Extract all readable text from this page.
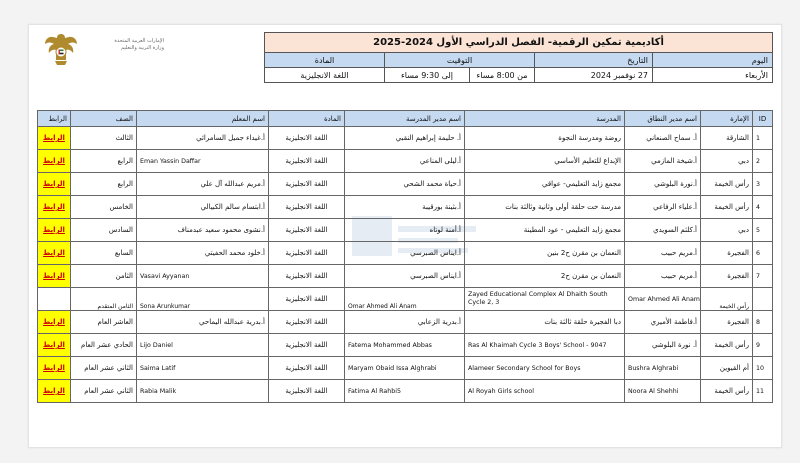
الإمارات العربية المتحدة
وزارة التربية والتعليم	أكاديمية تمكين الرقمية- الفصل الدراسي الأول 2024-2025				
اليوم	التاريخ	التوقيت		المادة
الأربعاء	27 نوفمبر 2024	من 8:00 مساء	إلى 9:30 مساء	اللغة الانجليزية
ID	الإمارة	اسم مدير النطاق	المدرسة	اسم مدير المدرسة	المادة	اسم المعلم	الصف	الرابط
1	الشارقة	أ. سماح الصنعاني	روضة ومدرسة النجوة	أ. حليمة إبراهيم النقبي	اللغة الانجليزية	أ.غيداء جميل السامرائي	الثالث	الرابط
2	دبي	أ.شيخة المازمي	الإبداع للتعليم الأساسي	أ.ليلى المناعي	اللغة الانجليزية	Eman Yassin Daffar	الرابع	الرابط
3	رأس الخيمة	أ.نورة البلوشي	مجمع زايد التعليمي- عواقي	أ.حياة محمد الشحي	اللغة الانجليزية	أ.مريم عبدالله آل علي	الرابع	الرابط
4	رأس الخيمة	أ.علياء الرفاعي	مدرسة خت حلقة أولى وثانية وثالثة بنات	أ.بثينة بورقيبة	اللغة الانجليزية	أ.ابتسام سالم الكبيالي	الخامس	الرابط
5	دبي	أ.كلثم السويدي	مجمع زايد التعليمي - عود المطينة	أ.أمنة لوتاه	اللغة الانجليزية	أ.نشوى محمود سعيد عبدمناف	السادس	الرابط
6	الفجيرة	أ.مريم حبيب	النعمان بن مقرن ح2 بنين	أ.ايناس الصبرسي	اللغة الانجليزية	أ.خلود محمد الحفيتي	السابع	الرابط
7	الفجيرة	أ.مريم حبيب	النعمان بن مقرن ح2	أ.ايناس الصبرسي	اللغة الانجليزية	Vasavi Ayyanan	الثامن	الرابط
	رأس الخيمة	Omar Ahmed Ali Anam	Zayed Educational Complex Al Dhaith South Cycle 2, 3	Omar Ahmed Ali Anam	اللغة الانجليزية	Sona Arunkumar	الثامن المتقدم	
8	الفجيرة	أ.فاطمة الأميري	دبا الفجيرة حلقة ثالثة بنات	أ.بدرية الزعابي	اللغة الانجليزية	أ.بدرية عبدالله اليماحي	العاشر العام	الرابط
9	رأس الخيمة	أ. نورة البلوشي	Ras Al Khaimah Cycle 3 Boys' School - 9047	Fatema Mohammed Abbas	اللغة الانجليزية	Lijo Daniel	الحادي عشر العام	الرابط
10	أم القيوين	Bushra Alghrabi	Alameer Secondary School for Boys	Maryam Obaid Issa Alghrabi	اللغة الانجليزية	Saima Latif	الثاني عشر العام	الرابط
11	رأس الخيمة	Noora Al Shehhi	Al Royah Girls school	Fatima Al Rahbi5	اللغة الانجليزية	Rabia Malik	الثاني عشر العام	الرابط
